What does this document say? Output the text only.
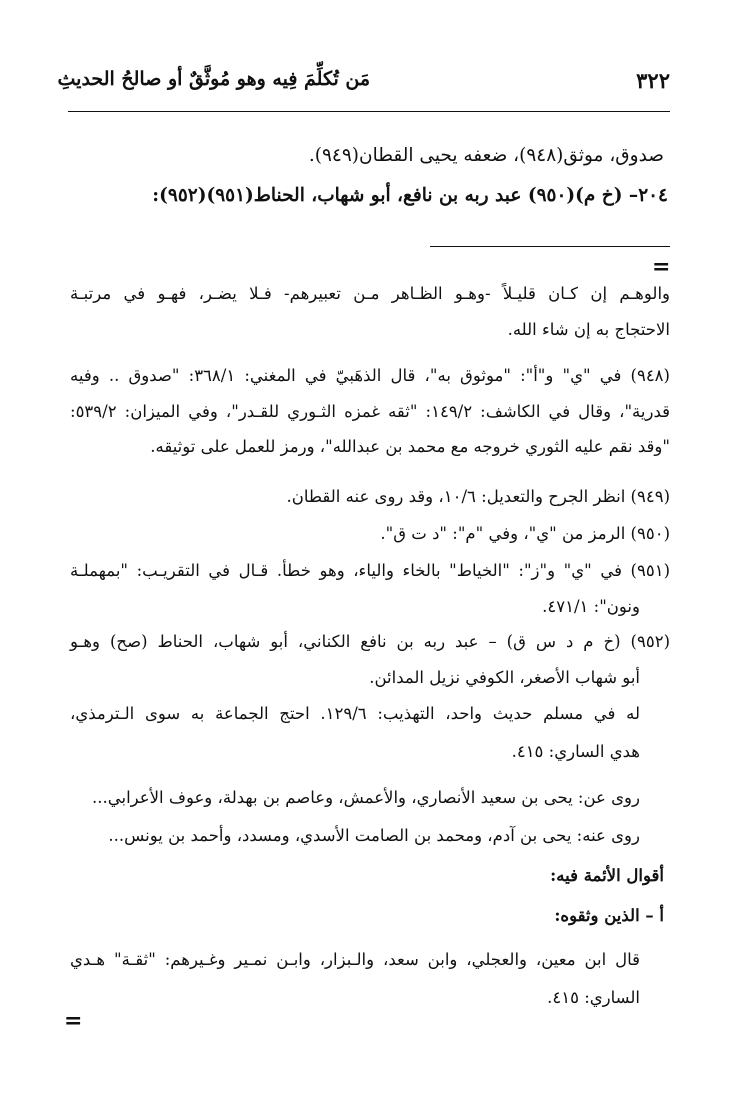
مَن تُكلِّمَ فِيه وهو مُوثَّقٌ أو صالحُ الحديثِ	٣٢٢
صدوق، موثق(٩٤٨)، ضعفه يحيى القطان(٩٤٩).
٢٠٤– (خ م)(٩٥٠) عبد ربه بن نافع، أبو شهاب، الحناط(٩٥١)(٩٥٢):
=
والوهـم إن كـان قليـلاً -وهـو الظـاهر مـن تعبيرهم- فـلا يضـر، فهـو في مرتبـة
الاحتجاج به إن شاء الله.
(٩٤٨) في "ي" و"أ": "موثوق به"، قال الذهَبيّ في المغني: ٣٦٨/١: "صدوق .. وفيه
قدرية"، وقال في الكاشف: ١٤٩/٢: "ثقه غمزه الثـوري للقـدر"، وفي الميزان: ٥٣٩/٢:
"وقد نقم عليه الثوري خروجه مع محمد بن عبدالله"، ورمز للعمل على توثيقه.
(٩٤٩) انظر الجرح والتعديل: ١٠/٦، وقد روى عنه القطان.
(٩٥٠) الرمز من "ي"، وفي "م": "د ت ق".
(٩٥١) في "ي" و"ز": "الخياط" بالخاء والياء، وهو خطأ. قـال في التقريـب: "بمهملـة
ونون": ٤٧١/١.
(٩٥٢) (خ م د س ق) – عبد ربه بن نافع الكناني، أبو شهاب، الحناط (صح) وهـو
أبو شهاب الأصغر، الكوفي نزيل المدائن.
له في مسلم حديث واحد، التهذيب: ١٢٩/٦. احتج الجماعة به سوى الـترمذي،
هدي الساري: ٤١٥.
روى عن: يحى بن سعيد الأنصاري، والأعمش، وعاصم بن بهدلة، وعوف الأعرابي...
روى عنه: يحى بن آدم، ومحمد بن الصامت الأسدي، ومسدد، وأحمد بن يونس...
أقوال الأئمة فيه:
أ – الذين وثقوه:
قال ابن معين، والعجلي، وابن سعد، والـبزار، وابـن نمـير وغـيرهم: "ثقـة" هـدي
الساري: ٤١٥.
=
